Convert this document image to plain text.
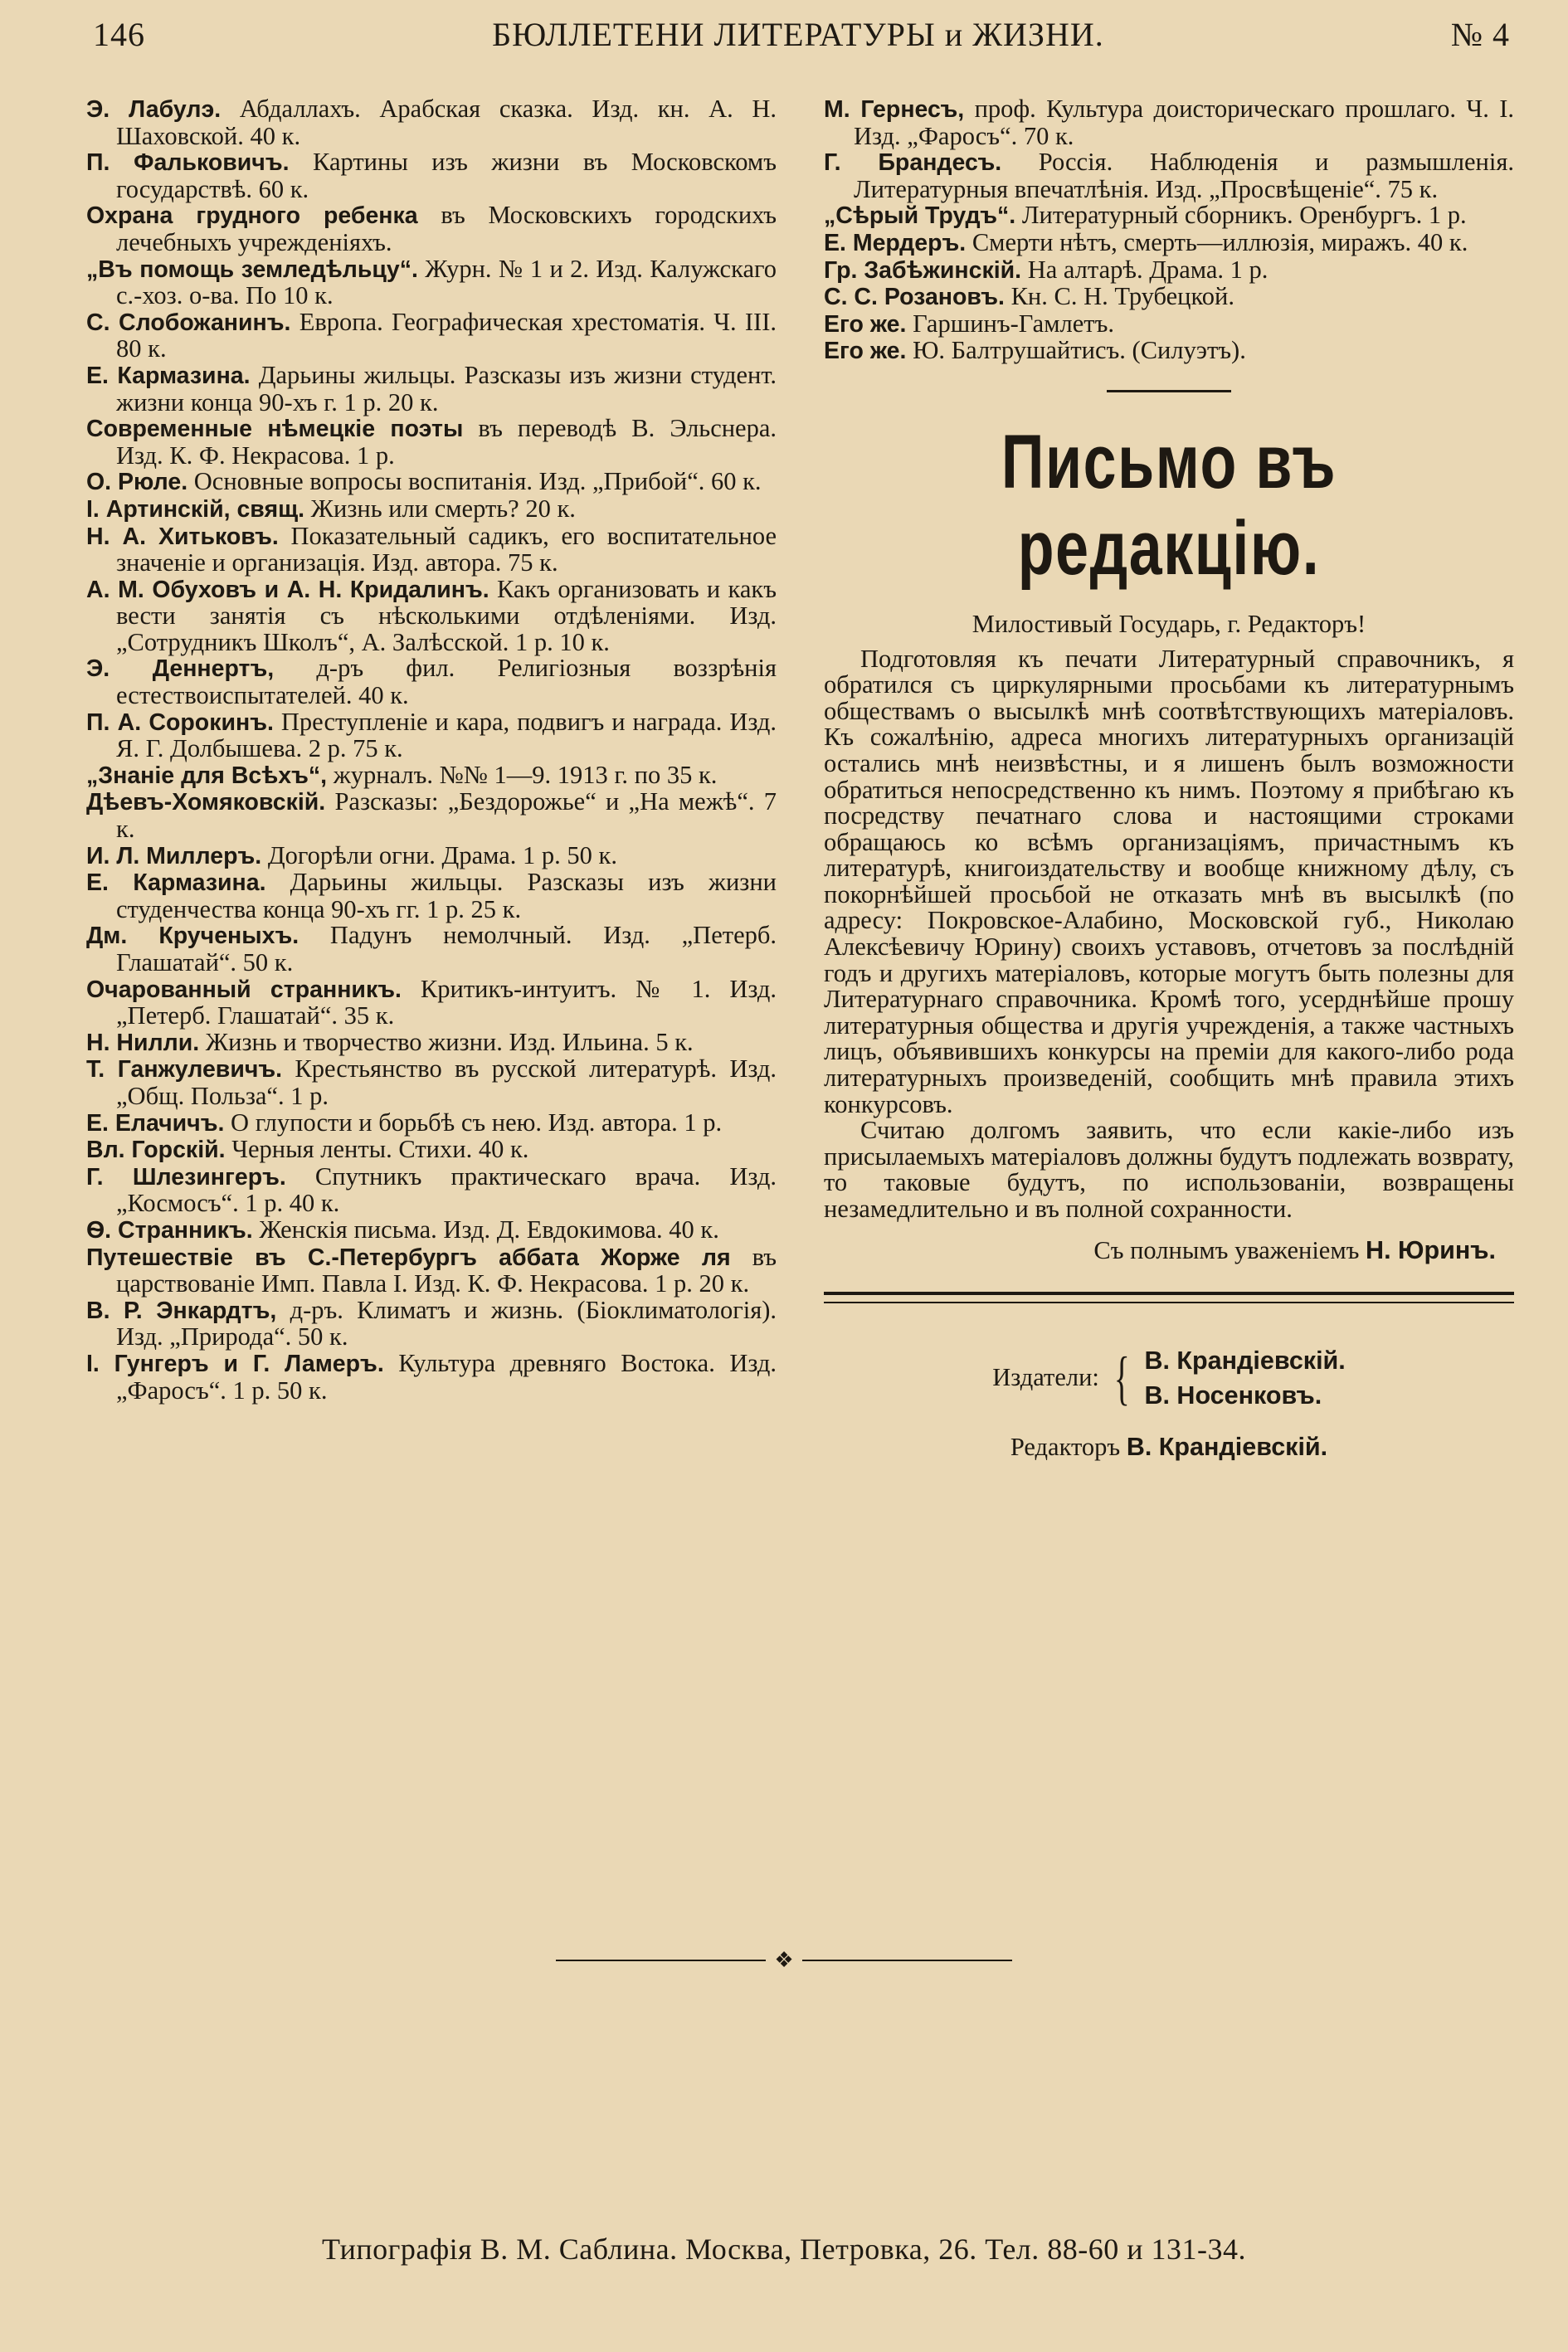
146	БЮЛЛЕТЕНИ ЛИТЕРАТУРЫ и ЖИЗНИ.	№ 4
Э. Лабулэ. Абдаллахъ. Арабская сказка. Изд. кн. А. Н. Шаховской. 40 к.
П. Фальковичъ. Картины изъ жизни въ Московскомъ государствѣ. 60 к.
Охрана грудного ребенка въ Московскихъ городскихъ лечебныхъ учрежденіяхъ.
„Въ помощь земледѣльцу“. Журн. № 1 и 2. Изд. Калужскаго с.-хоз. о-ва. По 10 к.
С. Слобожанинъ. Европа. Географическая хрестоматія. Ч. III. 80 к.
Е. Кармазина. Дарьины жильцы. Разсказы изъ жизни студент. жизни конца 90-хъ г. 1 р. 20 к.
Современные нѣмецкіе поэты въ переводѣ В. Эльснера. Изд. К. Ф. Некрасова. 1 р.
О. Рюле. Основные вопросы воспитанія. Изд. „Прибой“. 60 к.
І. Артинскій, свящ. Жизнь или смерть? 20 к.
Н. А. Хитьковъ. Показательный садикъ, его воспитательное значеніе и организація. Изд. автора. 75 к.
А. М. Обуховъ и А. Н. Кридалинъ. Какъ организовать и какъ вести занятія съ нѣсколькими отдѣленіями. Изд. „Сотрудникъ Школъ“, А. Залѣсской. 1 р. 10 к.
Э. Деннертъ, д-ръ фил. Религіозныя воззрѣнія естествоиспытателей. 40 к.
П. А. Сорокинъ. Преступленіе и кара, подвигъ и награда. Изд. Я. Г. Долбышева. 2 р. 75 к.
„Знаніе для Всѣхъ“, журналъ. №№ 1—9. 1913 г. по 35 к.
Дѣевъ-Хомяковскій. Разсказы: „Бездорожье“ и „На межѣ“. 7 к.
И. Л. Миллеръ. Догорѣли огни. Драма. 1 р. 50 к.
Е. Кармазина. Дарьины жильцы. Разсказы изъ жизни студенчества конца 90-хъ гг. 1 р. 25 к.
Дм. Крученыхъ. Падунъ немолчный. Изд. „Петерб. Глашатай“. 50 к.
Очарованный странникъ. Критикъ-интуитъ. № 1. Изд. „Петерб. Глашатай“. 35 к.
Н. Нилли. Жизнь и творчество жизни. Изд. Ильина. 5 к.
Т. Ганжулевичъ. Крестьянство въ русской литературѣ. Изд. „Общ. Польза“. 1 р.
Е. Елачичъ. О глупости и борьбѣ съ нею. Изд. автора. 1 р.
Вл. Горскій. Черныя ленты. Стихи. 40 к.
Г. Шлезингеръ. Спутникъ практическаго врача. Изд. „Космосъ“. 1 р. 40 к.
Ѳ. Странникъ. Женскія письма. Изд. Д. Евдокимова. 40 к.
Путешествіе въ С.-Петербургъ аббата Жорже ля въ царствованіе Имп. Павла І. Изд. К. Ф. Некрасова. 1 р. 20 к.
В. Р. Энкардтъ, д-ръ. Климатъ и жизнь. (Біоклиматологія). Изд. „Природа“. 50 к.
І. Гунгеръ и Г. Ламеръ. Культура древняго Востока. Изд. „Фаросъ“. 1 р. 50 к.
М. Гернесъ, проф. Культура доисторическаго прошлаго. Ч. І. Изд. „Фаросъ“. 70 к.
Г. Брандесъ. Россія. Наблюденія и размышленія. Литературныя впечатлѣнія. Изд. „Просвѣщеніе“. 75 к.
„Сѣрый Трудъ“. Литературный сборникъ. Оренбургъ. 1 р.
Е. Мердеръ. Смерти нѣтъ, смерть—иллюзія, миражъ. 40 к.
Гр. Забѣжинскій. На алтарѣ. Драма. 1 р.
С. С. Розановъ. Кн. С. Н. Трубецкой.
Его же. Гаршинъ-Гамлетъ.
Его же. Ю. Балтрушайтисъ. (Силуэтъ).
Письмо въ редакцію.
Милостивый Государь, г. Редакторъ!
Подготовляя къ печати Литературный справочникъ, я обратился съ циркулярными просьбами къ литературнымъ обществамъ о высылкѣ мнѣ соотвѣтствующихъ матеріаловъ. Къ сожалѣнію, адреса многихъ литературныхъ организацій остались мнѣ неизвѣстны, и я лишенъ былъ возможности обратиться непосредственно къ нимъ. Поэтому я прибѣгаю къ посредству печатнаго слова и настоящими строками обращаюсь ко всѣмъ организаціямъ, причастнымъ къ литературѣ, книгоиздательству и вообще книжному дѣлу, съ покорнѣйшей просьбой не отказать мнѣ въ высылкѣ (по адресу: Покровское-Алабино, Московской губ., Николаю Алексѣевичу Юрину) своихъ уставовъ, отчетовъ за послѣдній годъ и другихъ матеріаловъ, которые могутъ быть полезны для Литературнаго справочника. Кромѣ того, усерднѣйше прошу литературныя общества и другія учрежденія, а также частныхъ лицъ, объявившихъ конкурсы на преміи для какого-либо рода литературныхъ произведеній, сообщить мнѣ правила этихъ конкурсовъ.
Считаю долгомъ заявить, что если какіе-либо изъ присылаемыхъ матеріаловъ должны будутъ подлежать возврату, то таковые будутъ, по использованіи, возвращены незамедлительно и въ полной сохранности.
Съ полнымъ уваженіемъ Н. Юринъ.
Издатели: { В. Крандіевскій.
В. Носенковъ.
Редакторъ В. Крандіевскій.
❖
Типографія В. М. Саблина. Москва, Петровка, 26. Тел. 88-60 и 131-34.
